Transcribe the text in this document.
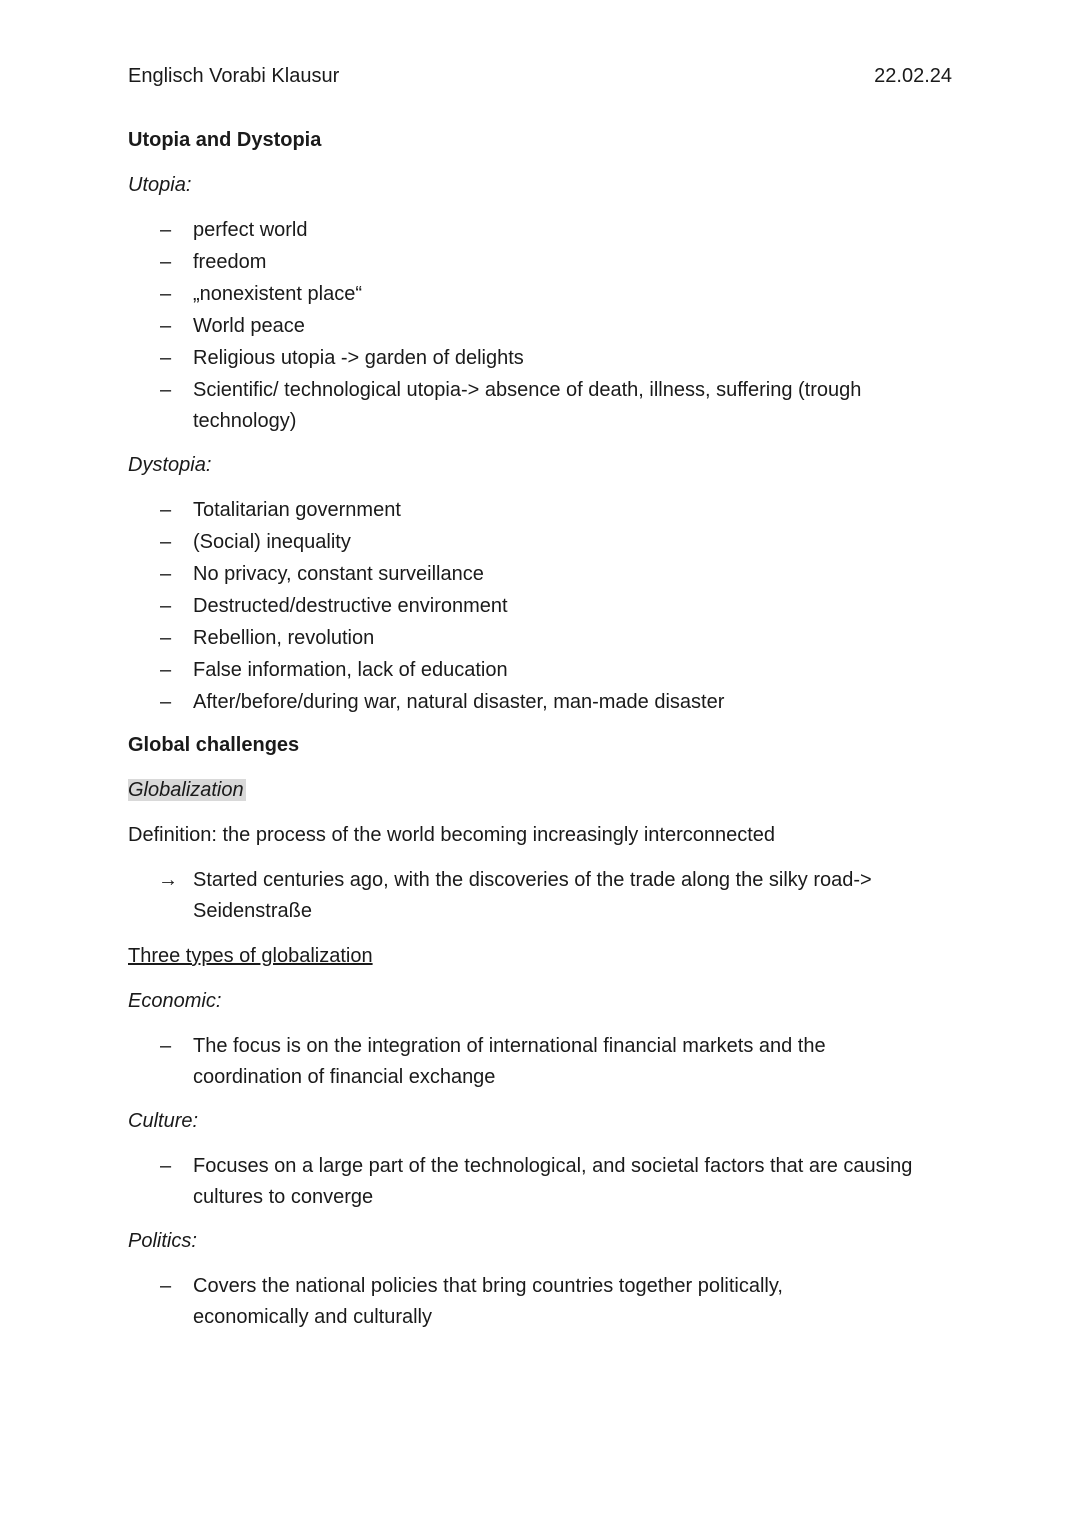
Englisch Vorabi Klausur	22.02.24
Utopia and Dystopia
Utopia:
–	perfect world
–	freedom
–	„nonexistent place“
–	World peace
–	Religious utopia -> garden of delights
–	Scientific/ technological utopia-> absence of death, illness, suffering (trough technology)
Dystopia:
–	Totalitarian government
–	(Social) inequality
–	No privacy, constant surveillance
–	Destructed/destructive environment
–	Rebellion, revolution
–	False information, lack of education
–	After/before/during war, natural disaster, man-made disaster
Global challenges
Globalization
Definition: the process of the world becoming increasingly interconnected
→ Started centuries ago, with the discoveries of the trade along the silky road-> Seidenstraße
Three types of globalization
Economic:
–	The focus is on the integration of international financial markets and the coordination of financial exchange
Culture:
–	Focuses on a large part of the technological, and societal factors that are causing cultures to converge
Politics:
–	Covers the national policies that bring countries together politically, economically and culturally
